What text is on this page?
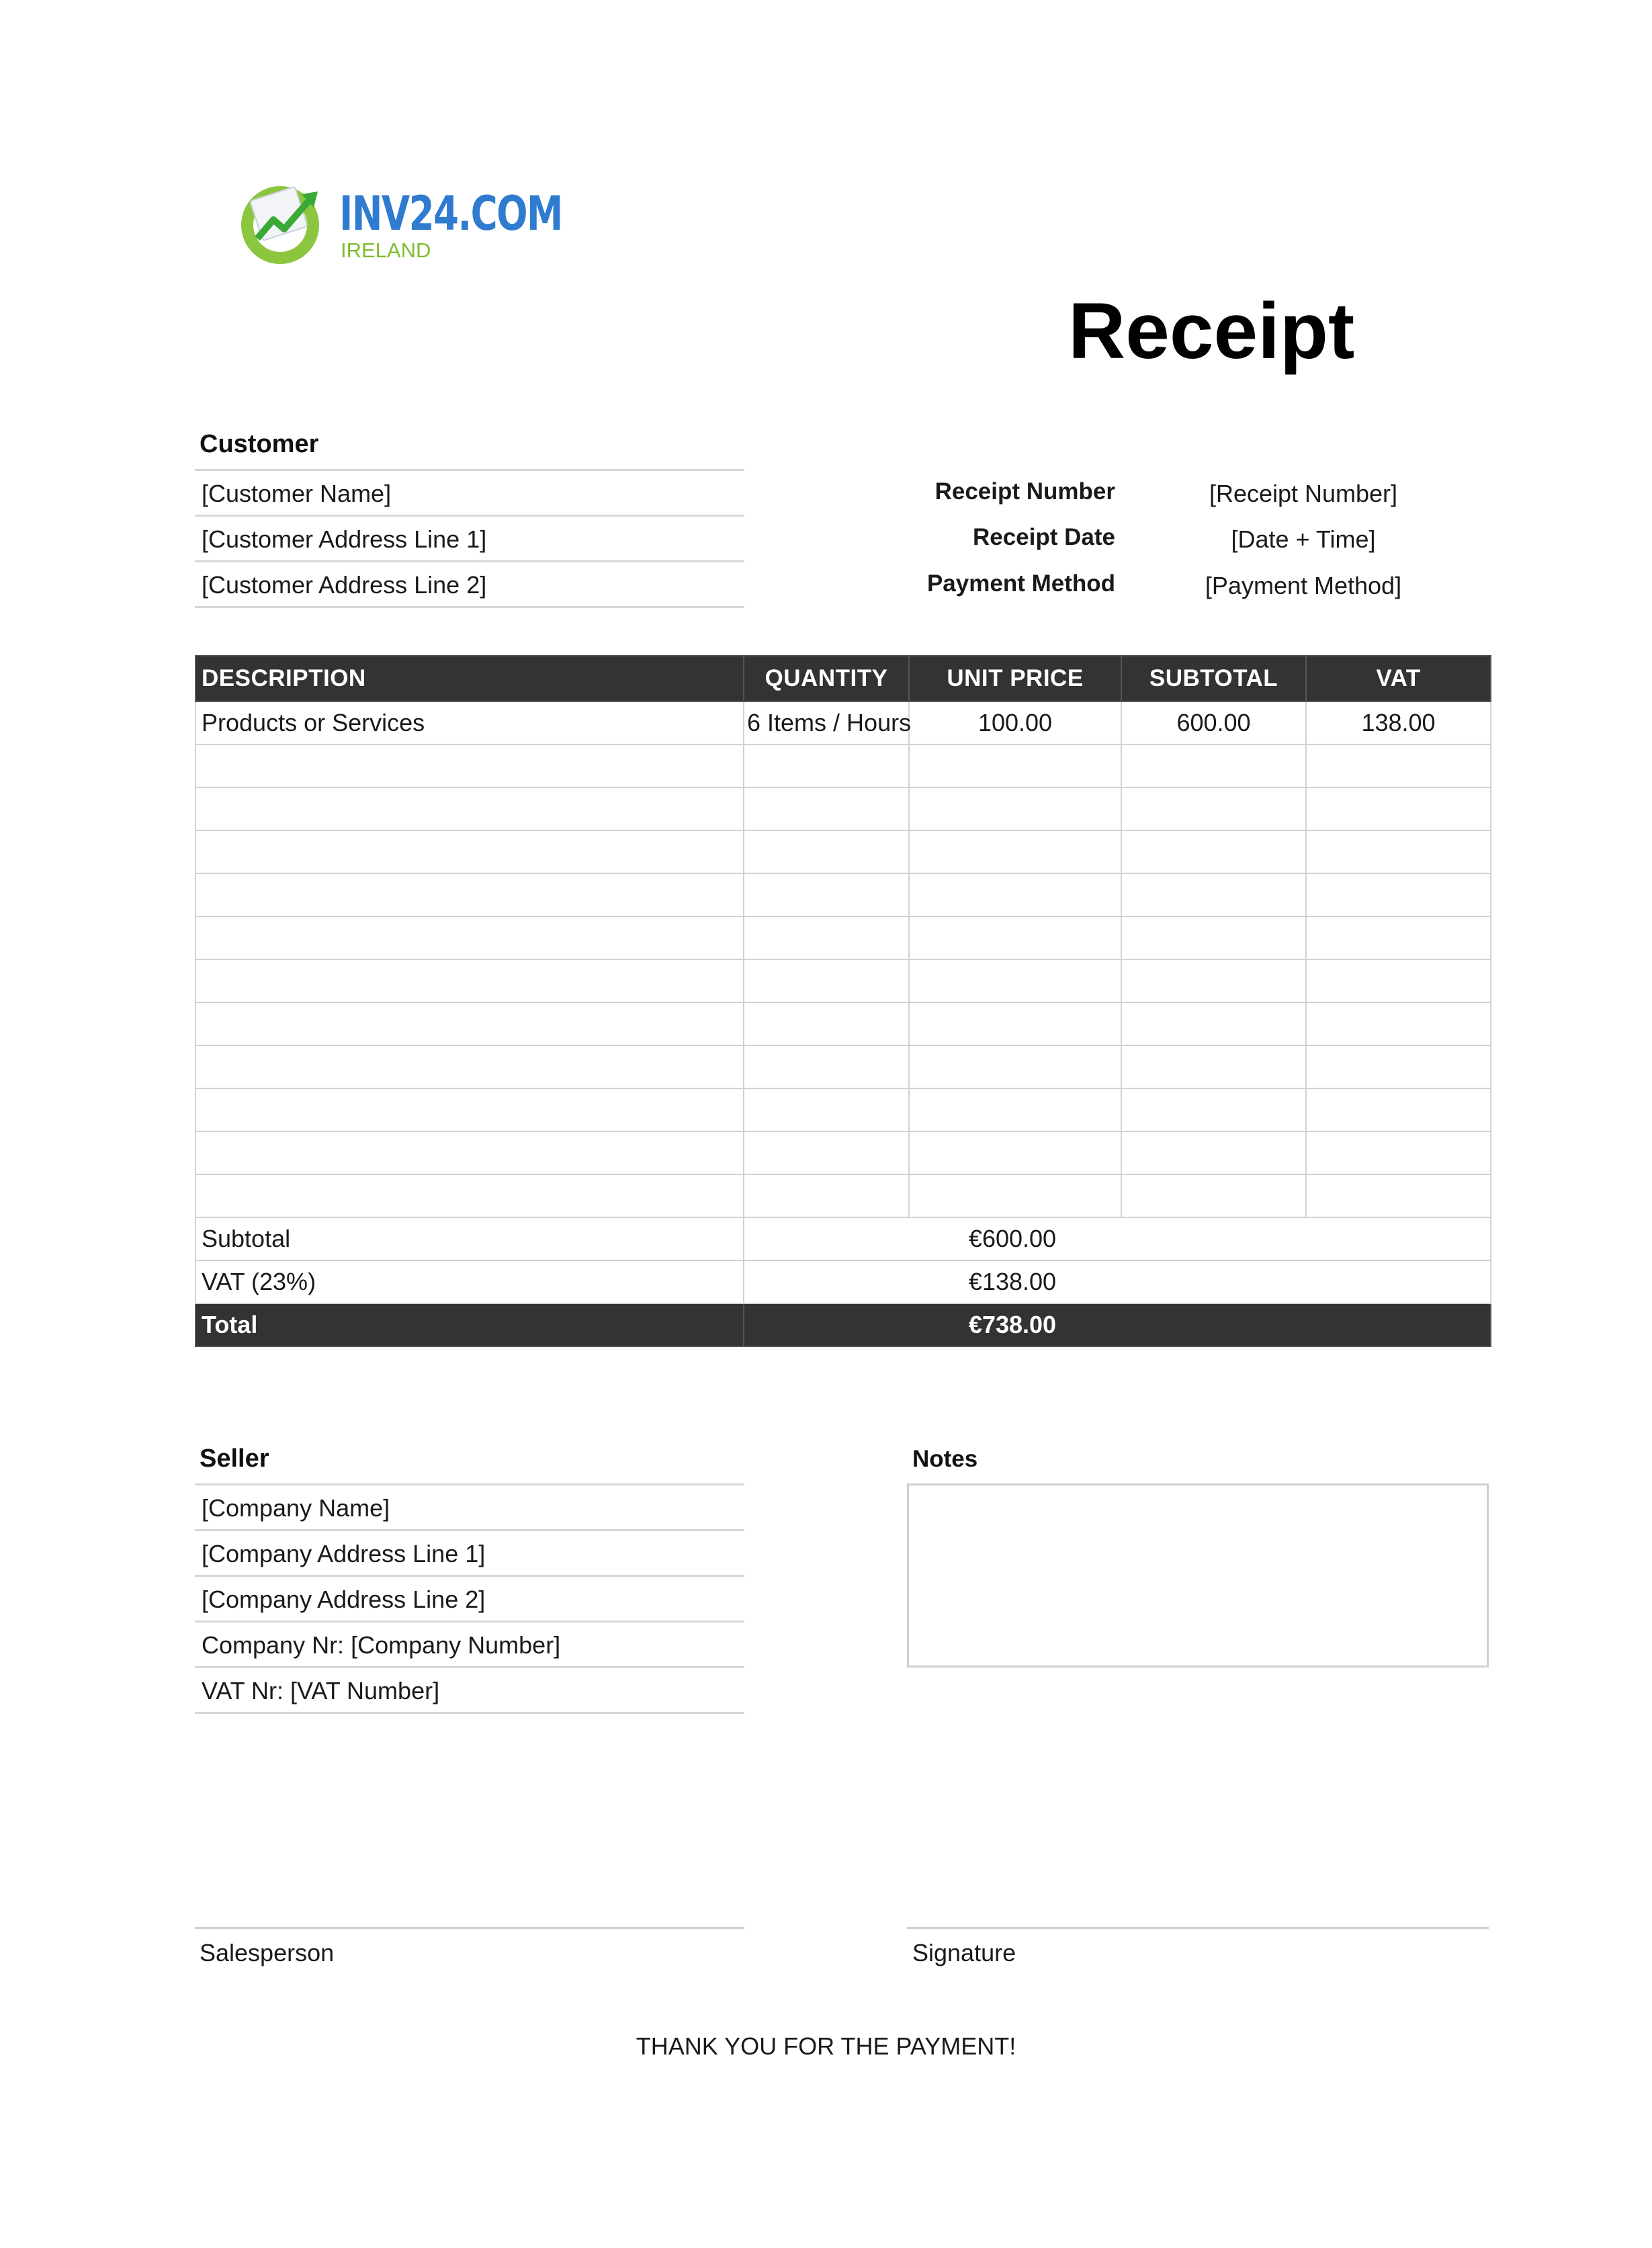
INV24.COM
IRELAND
Receipt
Customer
[Customer Name]
[Customer Address Line 1]
[Customer Address Line 2]
Receipt Number	[Receipt Number]
Receipt Date	[Date + Time]
Payment Method	[Payment Method]
DESCRIPTION	QUANTITY	UNIT PRICE	SUBTOTAL	VAT
Products or Services	6 Items / Hours	100.00	600.00	138.00

Subtotal	€600.00			
VAT (23%)	€138.00			
Total	€738.00			
Seller
[Company Name]
[Company Address Line 1]
[Company Address Line 2]
Company Nr: [Company Number]
VAT Nr: [VAT Number]
Notes
Salesperson	Signature
THANK YOU FOR THE PAYMENT!
